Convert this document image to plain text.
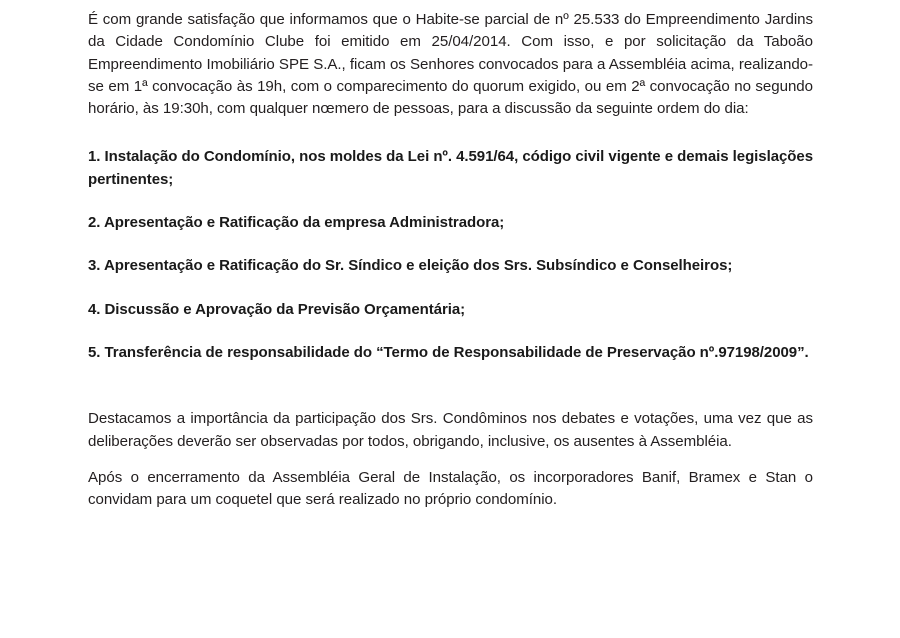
É com grande satisfação que informamos que o Habite-se parcial de nº 25.533 do Empreendimento Jardins da Cidade Condomínio Clube foi emitido em 25/04/2014. Com isso, e por solicitação da Taboão Empreendimento Imobiliário SPE S.A., ficam os Senhores convocados para a Assembléia acima, realizando-se em 1ª convocação às 19h, com o comparecimento do quorum exigido, ou em 2ª convocação no segundo horário, às 19:30h, com qualquer nœmero de pessoas, para a discussão da seguinte ordem do dia:

1. Instalação do Condomínio, nos moldes da Lei nº. 4.591/64, código civil vigente e demais legislações pertinentes;
2. Apresentação e Ratificação da empresa Administradora;
3. Apresentação e Ratificação do Sr. Síndico e eleição dos Srs. Subsíndico e Conselheiros;
4. Discussão e Aprovação da Previsão Orçamentária;
5. Transferência de responsabilidade do “Termo de Responsabilidade de Preservação nº.97198/2009”.

Destacamos a importância da participação dos Srs. Condôminos nos debates e votações, uma vez que as deliberações deverão ser observadas por todos, obrigando, inclusive, os ausentes à Assembléia.

Após o encerramento da Assembléia Geral de Instalação, os incorporadores Banif, Bramex e Stan o convidam para um coquetel que será realizado no próprio condomínio.
